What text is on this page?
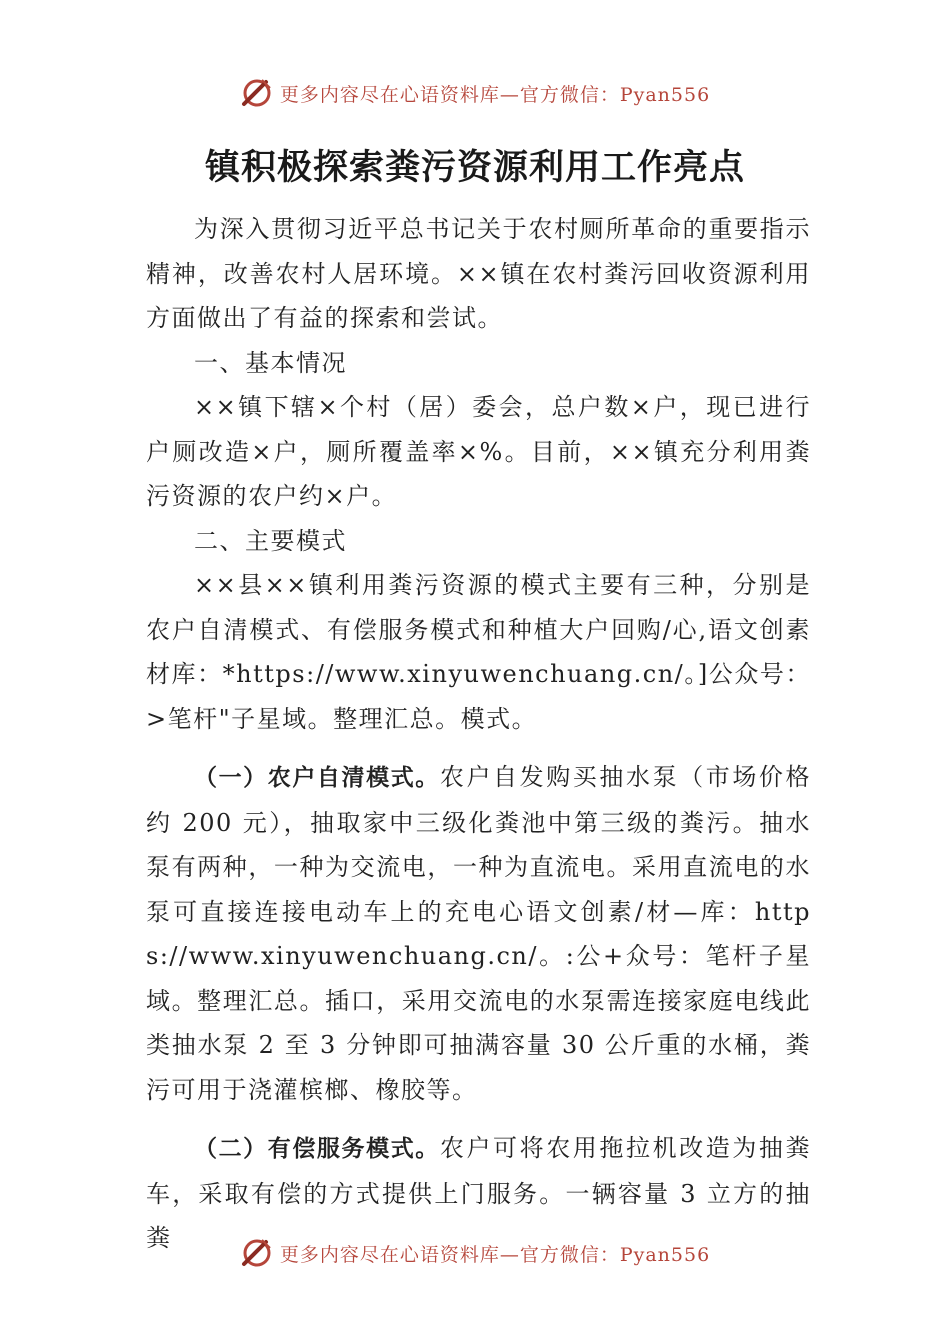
更多内容尽在心语资料库—官方微信：Pyan556
镇积极探索粪污资源利用工作亮点

为深入贯彻习近平总书记关于农村厕所革命的重要指示精神，改善农村人居环境。××镇在农村粪污回收资源利用方面做出了有益的探索和尝试。

一、基本情况

××镇下辖×个村（居）委会，总户数×户，现已进行户厕改造×户，厕所覆盖率×%。目前，××镇充分利用粪污资源的农户约×户。

二、主要模式

××县××镇利用粪污资源的模式主要有三种，分别是农户自清模式、有偿服务模式和种植大户回购/心,语文创素材库：*https://www.xinyuwenchuang.cn/。]公众号：>笔杆"子星域。整理汇总。模式。

（一）农户自清模式。农户自发购买抽水泵（市场价格约 200 元），抽取家中三级化粪池中第三级的粪污。抽水泵有两种，一种为交流电，一种为直流电。采用直流电的水泵可直接连接电动车上的充电心语文创素/材—库：https://www.xinyuwenchuang.cn/。:公+众号：笔杆子星域。整理汇总。插口，采用交流电的水泵需连接家庭电线此类抽水泵 2 至 3 分钟即可抽满容量 30 公斤重的水桶，粪污可用于浇灌槟榔、橡胶等。

（二）有偿服务模式。农户可将农用拖拉机改造为抽粪车，采取有偿的方式提供上门服务。一辆容量 3 立方的抽粪

更多内容尽在心语资料库—官方微信：Pyan556
